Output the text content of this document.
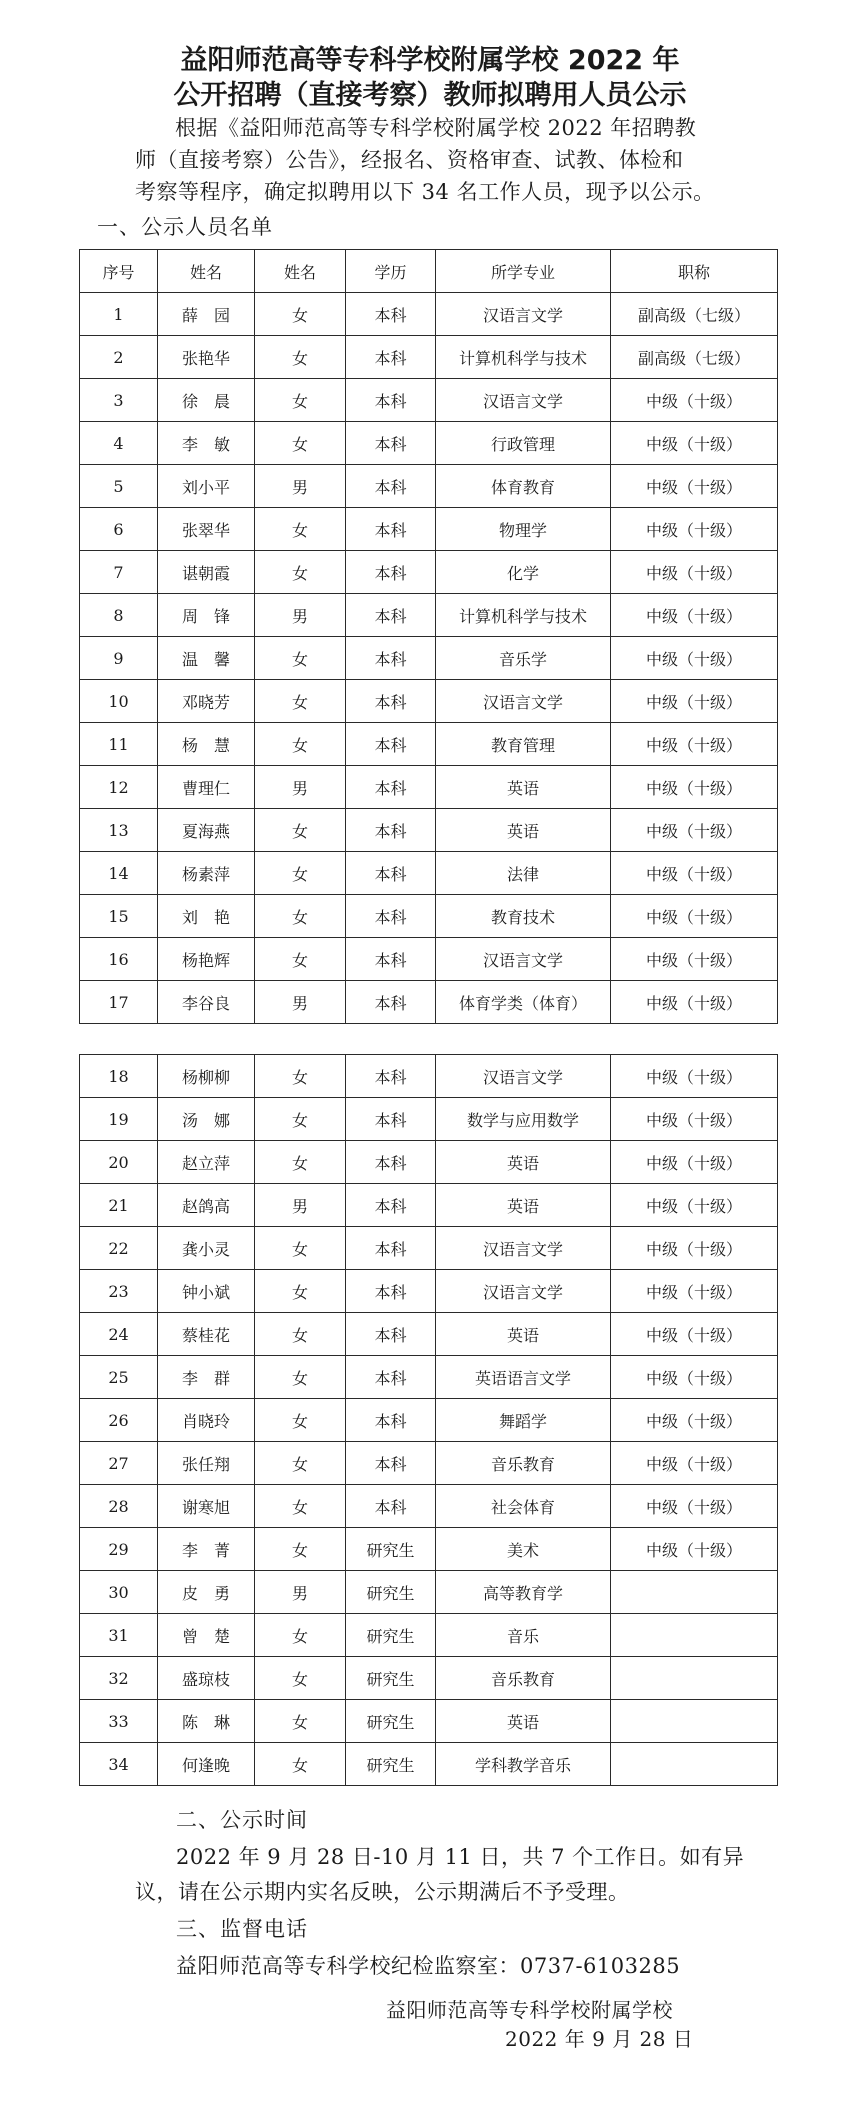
益阳师范高等专科学校附属学校 2022 年
公开招聘（直接考察）教师拟聘用人员公示
根据《益阳师范高等专科学校附属学校 2022 年招聘教
师（直接考察）公告》，经报名、资格审查、试教、体检和
考察等程序，确定拟聘用以下 34 名工作人员，现予以公示。
一、公示人员名单
序号	姓名	姓名	学历	所学专业	职称
1	薛　园	女	本科	汉语言文学	副高级（七级）
2	张艳华	女	本科	计算机科学与技术	副高级（七级）
3	徐　晨	女	本科	汉语言文学	中级（十级）
4	李　敏	女	本科	行政管理	中级（十级）
5	刘小平	男	本科	体育教育	中级（十级）
6	张翠华	女	本科	物理学	中级（十级）
7	谌朝霞	女	本科	化学	中级（十级）
8	周　锋	男	本科	计算机科学与技术	中级（十级）
9	温　馨	女	本科	音乐学	中级（十级）
10	邓晓芳	女	本科	汉语言文学	中级（十级）
11	杨　慧	女	本科	教育管理	中级（十级）
12	曹理仁	男	本科	英语	中级（十级）
13	夏海燕	女	本科	英语	中级（十级）
14	杨素萍	女	本科	法律	中级（十级）
15	刘　艳	女	本科	教育技术	中级（十级）
16	杨艳辉	女	本科	汉语言文学	中级（十级）
17	李谷良	男	本科	体育学类（体育）	中级（十级）
18	杨柳柳	女	本科	汉语言文学	中级（十级）
19	汤　娜	女	本科	数学与应用数学	中级（十级）
20	赵立萍	女	本科	英语	中级（十级）
21	赵鸽高	男	本科	英语	中级（十级）
22	龚小灵	女	本科	汉语言文学	中级（十级）
23	钟小斌	女	本科	汉语言文学	中级（十级）
24	蔡桂花	女	本科	英语	中级（十级）
25	李　群	女	本科	英语语言文学	中级（十级）
26	肖晓玲	女	本科	舞蹈学	中级（十级）
27	张任翔	女	本科	音乐教育	中级（十级）
28	谢寒旭	女	本科	社会体育	中级（十级）
29	李　菁	女	研究生	美术	中级（十级）
30	皮　勇	男	研究生	高等教育学	
31	曾　楚	女	研究生	音乐	
32	盛琼枝	女	研究生	音乐教育	
33	陈　琳	女	研究生	英语	
34	何逢晚	女	研究生	学科教学音乐	
二、公示时间
2022 年 9 月 28 日-10 月 11 日，共 7 个工作日。如有异
议，请在公示期内实名反映，公示期满后不予受理。
三、监督电话
益阳师范高等专科学校纪检监察室：0737-6103285
益阳师范高等专科学校附属学校
2022 年 9 月 28 日
